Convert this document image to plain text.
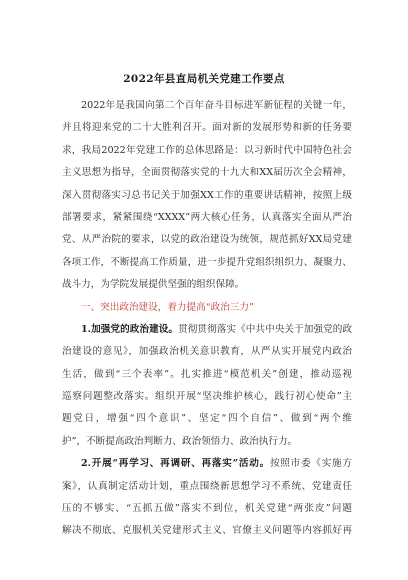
2022年县直局机关党建工作要点
2022年是我国向第二个百年奋斗目标进军新征程的关键一年，
并且将迎来党的二十大胜利召开。面对新的发展形势和新的任务要
求，我局2022年党建工作的总体思路是：以习新时代中国特色社会
主义思想为指导，全面贯彻落实党的十九大和XX届历次全会精神，
深入贯彻落实习总书记关于加强XX工作的重要讲话精神，按照上级
部署要求，紧紧围绕“XXXX”两大核心任务，认真落实全面从严治
党、从严治院的要求，以党的政治建设为统领，规范抓好XX局党建
各项工作，不断提高工作质量，进一步提升党组织组织力、凝聚力、
战斗力，为学院发展提供坚强的组织保障。
一、突出政治建设，着力提高“政治三力”
1.加强党的政治建设。贯彻贯彻落实《中共中央关于加强党的政
治建设的意见》，加强政治机关意识教育，从严从实开展党内政治
生活，做到“三个表率”。扎实推进“模范机关”创建，推动巡视
巡察问题整改落实。组织开展“坚决维护核心，践行初心使命”主
题党日，增强“四个意识”、坚定“四个自信”、做到“两个维
护”，不断提高政治判断力、政治领悟力、政治执行力。
2.开展“再学习、再调研、再落实”活动。按照市委《实施方
案》，认真制定活动计划，重点围绕新思想学习不系统、党建责任
压的不够实、“五抓五做”落实不到位，机关党建“两张皮”问题
解决不彻底、克服机关党建形式主义、官僚主义问题等内容抓好再
